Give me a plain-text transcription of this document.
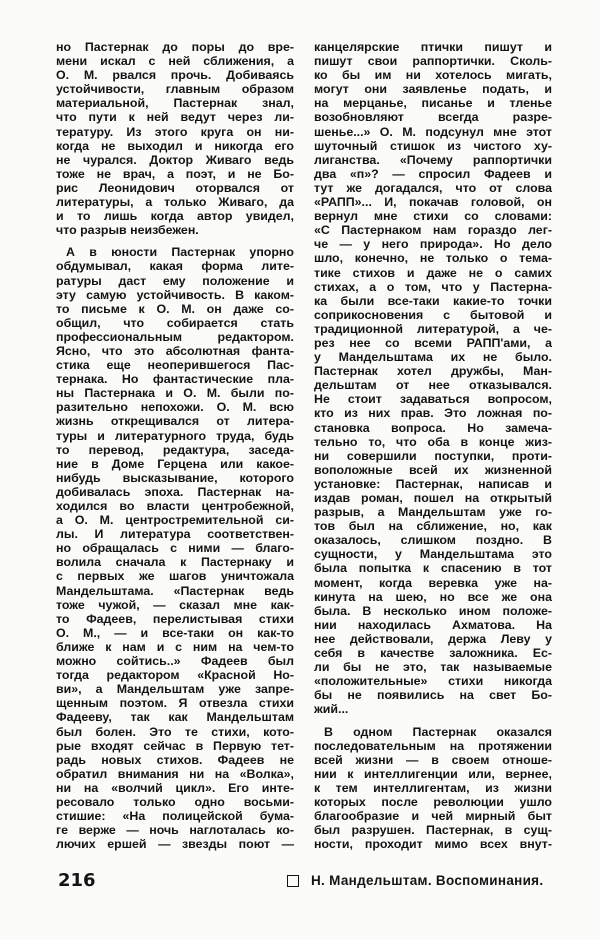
но Пастернак до поры до вре-
мени искал с ней сближения, а
О. М. рвался прочь. Добиваясь
устойчивости, главным образом
материальной, Пастернак знал,
что пути к ней ведут через ли-
тературу. Из этого круга он ни-
когда не выходил и никогда его
не чурался. Доктор Живаго ведь
тоже не врач, а поэт, и не Бо-
рис Леонидович оторвался от
литературы, а только Живаго, да
и то лишь когда автор увидел,
что разрыв неизбежен.
А в юности Пастернак упорно
обдумывал, какая форма лите-
ратуры даст ему положение и
эту самую устойчивость. В каком-
то письме к О. М. он даже со-
общил, что собирается стать
профессиональным редактором.
Ясно, что это абсолютная фанта-
стика еще неоперившегося Пас-
тернака. Но фантастические пла-
ны Пастернака и О. М. были по-
разительно непохожи. О. М. всю
жизнь открещивался от литера-
туры и литературного труда, будь
то перевод, редактура, заседа-
ние в Доме Герцена или какое-
нибудь высказывание, которого
добивалась эпоха. Пастернак на-
ходился во власти центробежной,
а О. М. центростремительной си-
лы. И литература соответствен-
но обращалась с ними — благо-
волила сначала к Пастернаку и
с первых же шагов уничтожала
Мандельштама. «Пастернак ведь
тоже чужой, — сказал мне как-
то Фадеев, перелистывая стихи
О. М., — и все-таки он как-то
ближе к нам и с ним на чем-то
можно сойтись..» Фадеев был
тогда редактором «Красной Но-
ви», а Мандельштам уже запре-
щенным поэтом. Я отвезла стихи
Фадееву, так как Мандельштам
был болен. Это те стихи, кото-
рые входят сейчас в Первую тет-
радь новых стихов. Фадеев не
обратил внимания ни на «Волка»,
ни на «волчий цикл». Его инте-
ресовало только одно восьми-
стишие: «На полицейской бума-
ге верже — ночь наглоталась ко-
лючих ершей — звезды поют —
канцелярские птички пишут и
пишут свои раппортички. Сколь-
ко бы им ни хотелось мигать,
могут они заявленье подать, и
на мерцанье, писанье и тленье
возобновляют всегда разре-
шенье...» О. М. подсунул мне этот
шуточный стишок из чистого ху-
лиганства. «Почему раппортички
два «п»? — спросил Фадеев и
тут же догадался, что от слова
«РАПП»... И, покачав головой, он
вернул мне стихи со словами:
«С Пастернаком нам гораздо лег-
че — у него природа». Но дело
шло, конечно, не только о тема-
тике стихов и даже не о самих
стихах, а о том, что у Пастерна-
ка были все-таки какие-то точки
соприкосновения с бытовой и
традиционной литературой, а че-
рез нее со всеми РАПП'ами, а
у Мандельштама их не было.
Пастернак хотел дружбы, Ман-
дельштам от нее отказывался.
Не стоит задаваться вопросом,
кто из них прав. Это ложная по-
становка вопроса. Но замеча-
тельно то, что оба в конце жиз-
ни совершили поступки, проти-
воположные всей их жизненной
установке: Пастернак, написав и
издав роман, пошел на открытый
разрыв, а Мандельштам уже го-
тов был на сближение, но, как
оказалось, слишком поздно. В
сущности, у Мандельштама это
была попытка к спасению в тот
момент, когда веревка уже на-
кинута на шею, но все же она
была. В несколько ином положе-
нии находилась Ахматова. На
нее действовали, держа Леву у
себя в качестве заложника. Ес-
ли бы не это, так называемые
«положительные» стихи никогда
бы не появились на свет Бо-
жий...
В одном Пастернак оказался
последовательным на протяжении
всей жизни — в своем отноше-
нии к интеллигенции или, вернее,
к тем интеллигентам, из жизни
которых после революции ушло
благообразие и чей мирный быт
был разрушен. Пастернак, в сущ-
ности, проходит мимо всех внут-
216	Н. Мандельштам. Воспоминания.
